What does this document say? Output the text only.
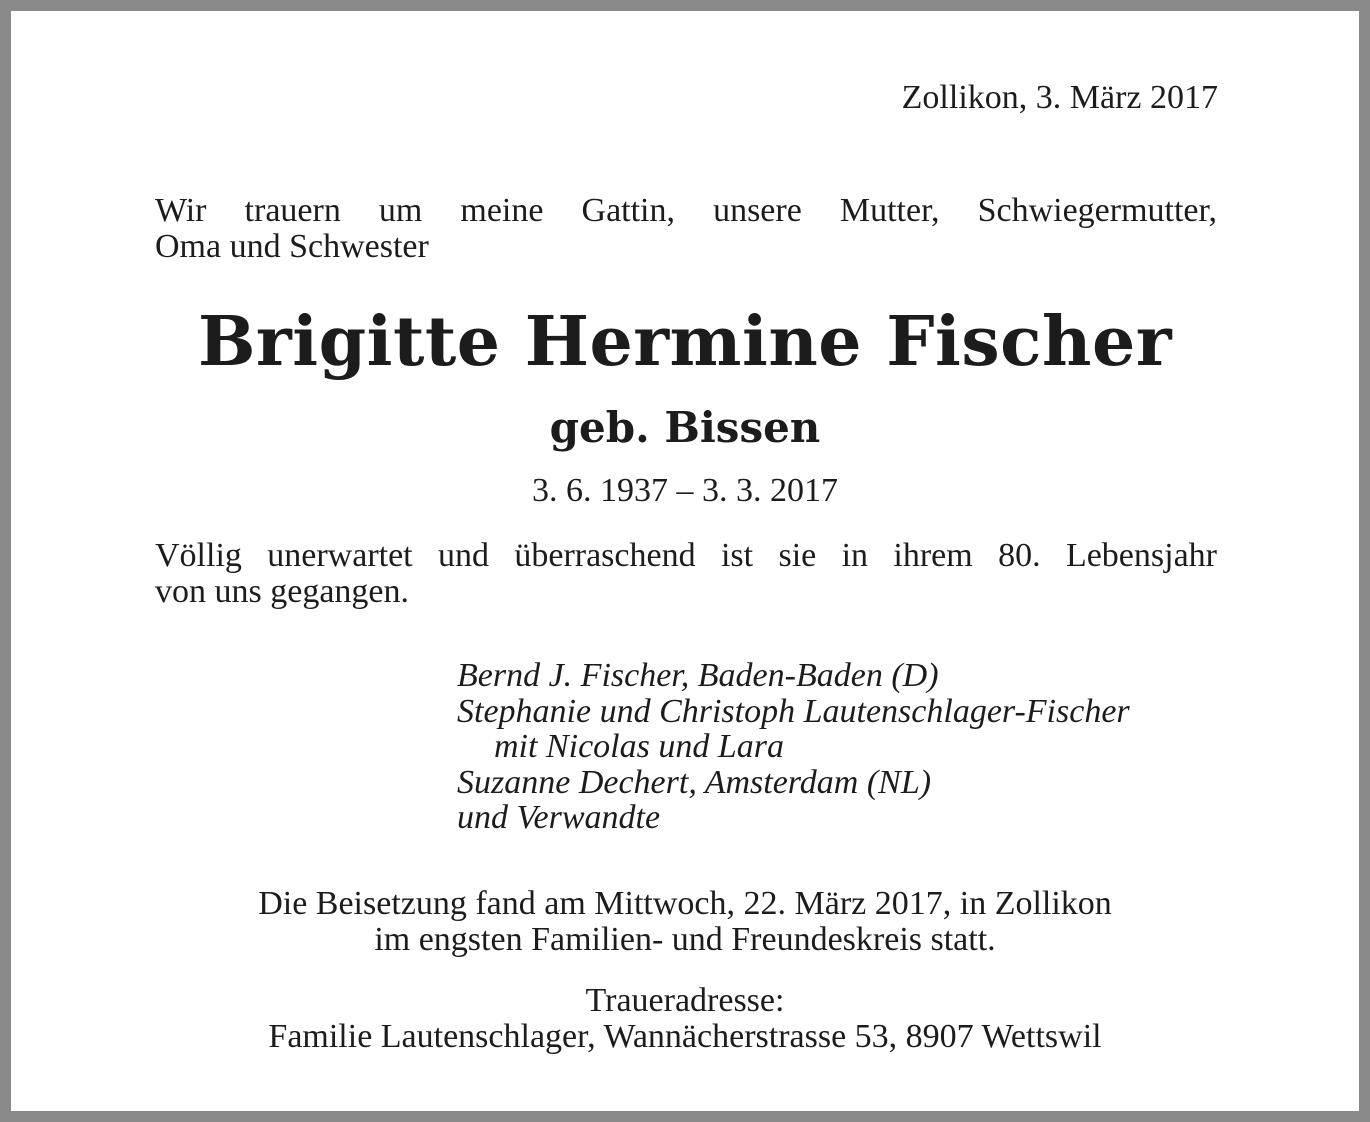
Zollikon, 3. März 2017
Wir trauern um meine Gattin, unsere Mutter, Schwiegermutter,
Oma und Schwester
Brigitte Hermine Fischer
geb. Bissen
3. 6. 1937 – 3. 3. 2017
Völlig unerwartet und überraschend ist sie in ihrem 80. Lebensjahr
von uns gegangen.
Bernd J. Fischer, Baden-Baden (D)
Stephanie und Christoph Lautenschlager-Fischer
mit Nicolas und Lara
Suzanne Dechert, Amsterdam (NL)
und Verwandte
Die Beisetzung fand am Mittwoch, 22. März 2017, in Zollikon
im engsten Familien- und Freundeskreis statt.
Traueradresse:
Familie Lautenschlager, Wannächerstrasse 53, 8907 Wettswil
